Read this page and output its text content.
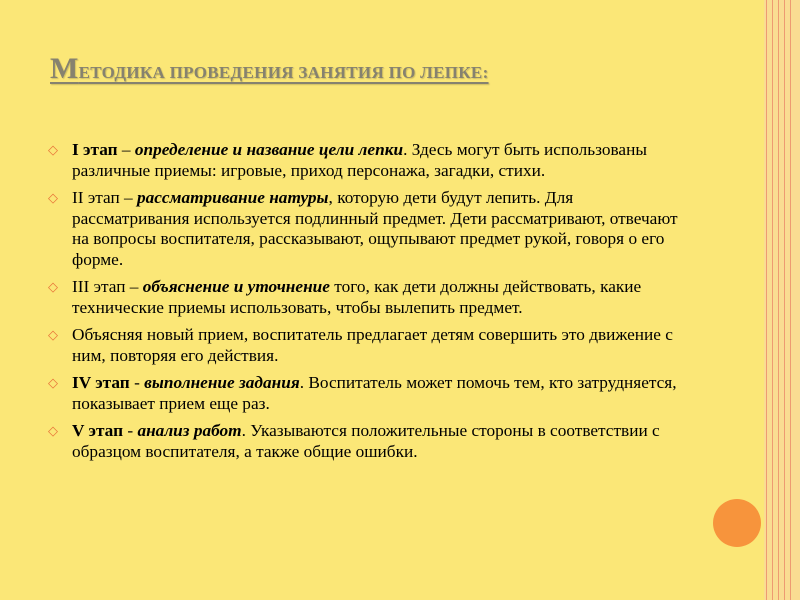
МЕТОДИКА ПРОВЕДЕНИЯ ЗАНЯТИЯ ПО ЛЕПКЕ:
◇ I этап – определение и название цели лепки. Здесь могут быть использованы различные приемы: игровые, приход персонажа, загадки, стихи.
◇ II этап – рассматривание натуры, которую дети будут лепить. Для рассматривания используется подлинный предмет. Дети рассматривают, отвечают на вопросы воспитателя, рассказывают, ощупывают предмет рукой, говоря о его форме.
◇ III этап – объяснение и уточнение того, как дети должны действовать, какие технические приемы использовать, чтобы вылепить предмет.
◇ Объясняя новый прием, воспитатель предлагает детям совершить это движение с ним, повторяя его действия.
◇ IV этап - выполнение задания. Воспитатель может помочь тем, кто затрудняется, показывает прием еще раз.
◇ V этап - анализ работ. Указываются положительные стороны в соответствии с образцом воспитателя, а также общие ошибки.
